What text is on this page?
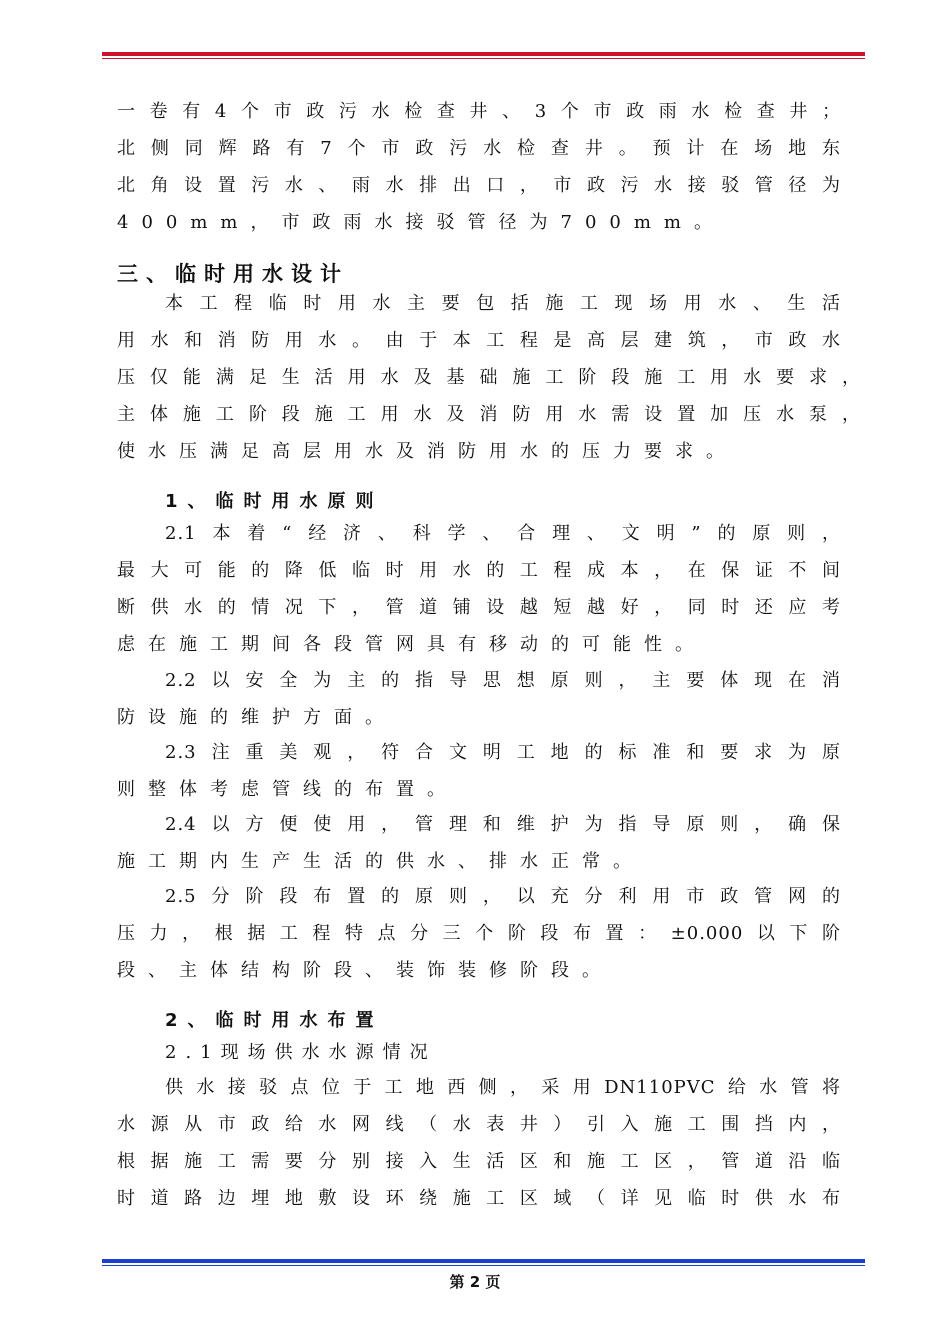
一卷有4个市政污水检查井、3个市政雨水检查井；
北侧同辉路有7个市政污水检查井。预计在场地东
北角设置污水、雨水排出口，市政污水接驳管径为
400mm，市政雨水接驳管径为700mm。
三、临时用水设计
本工程临时用水主要包括施工现场用水、生活
用水和消防用水。由于本工程是高层建筑，市政水
压仅能满足生活用水及基础施工阶段施工用水要求，
主体施工阶段施工用水及消防用水需设置加压水泵，
使水压满足高层用水及消防用水的压力要求。
1、临时用水原则
2.1本着“经济、科学、合理、文明”的原则，
最大可能的降低临时用水的工程成本，在保证不间
断供水的情况下，管道铺设越短越好，同时还应考
虑在施工期间各段管网具有移动的可能性。
2.2以安全为主的指导思想原则，主要体现在消
防设施的维护方面。
2.3注重美观，符合文明工地的标准和要求为原
则整体考虑管线的布置。
2.4以方便使用，管理和维护为指导原则，确保
施工期内生产生活的供水、排水正常。
2.5分阶段布置的原则，以充分利用市政管网的
压力，根据工程特点分三个阶段布置：±0.000以下阶
段、主体结构阶段、装饰装修阶段。
2、临时用水布置
2.1现场供水水源情况
供水接驳点位于工地西侧，采用DN110PVC给水管将
水源从市政给水网线（水表井）引入施工围挡内，
根据施工需要分别接入生活区和施工区，管道沿临
时道路边埋地敷设环绕施工区域（详见临时供水布
第 2 页
